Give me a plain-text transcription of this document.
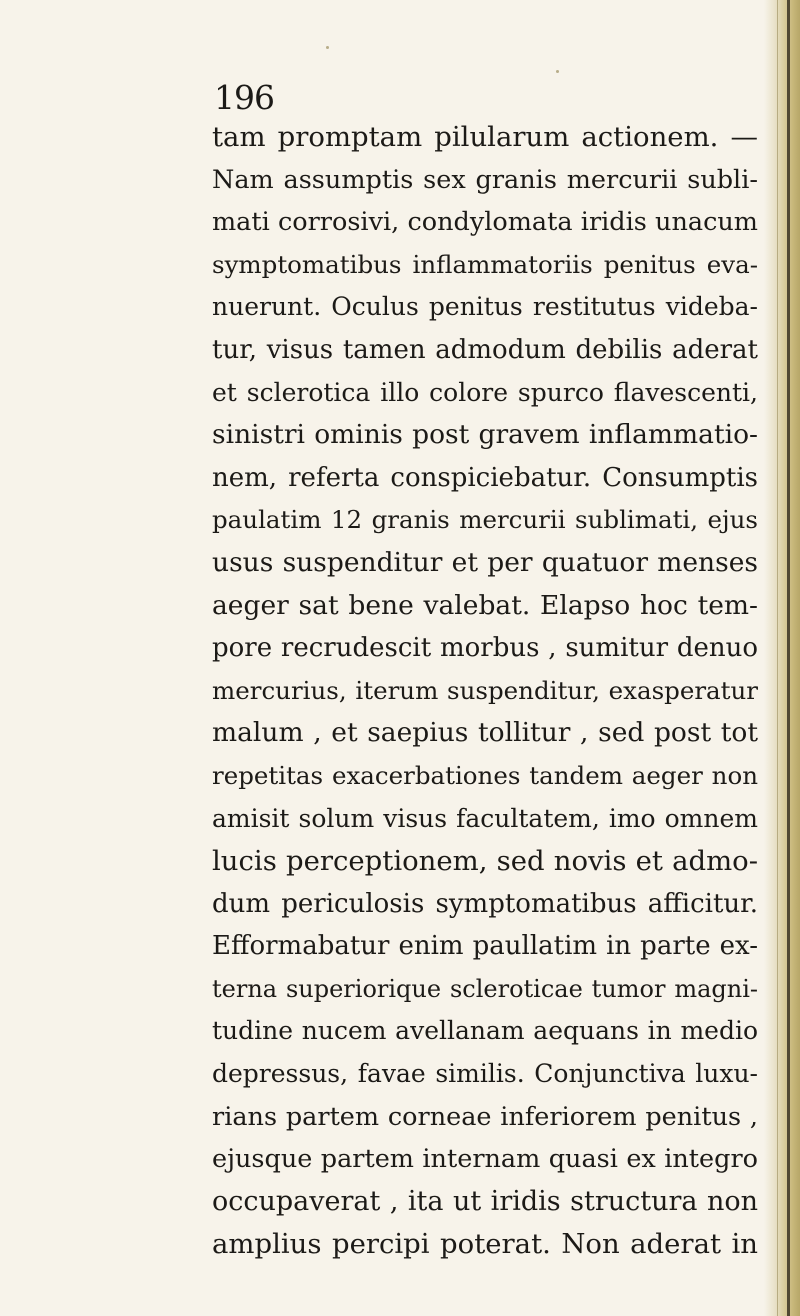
196
tam promptam pilularum actionem. —
Nam assumptis sex granis mercurii subli-
mati corrosivi, condylomata iridis unacum
symptomatibus inflammatoriis penitus eva-
nuerunt. Oculus penitus restitutus videba-
tur, visus tamen admodum debilis aderat
et sclerotica illo colore spurco flavescenti,
sinistri ominis post gravem inflammatio-
nem, referta conspiciebatur. Consumptis
paulatim 12 granis mercurii sublimati, ejus
usus suspenditur et per quatuor menses
aeger sat bene valebat. Elapso hoc tem-
pore recrudescit morbus , sumitur denuo
mercurius, iterum suspenditur, exasperatur
malum , et saepius tollitur , sed post tot
repetitas exacerbationes tandem aeger non
amisit solum visus facultatem, imo omnem
lucis perceptionem, sed novis et admo-
dum periculosis symptomatibus afficitur.
Efformabatur enim paullatim in parte ex-
terna superiorique scleroticae tumor magni-
tudine nucem avellanam aequans in medio
depressus, favae similis. Conjunctiva luxu-
rians partem corneae inferiorem penitus ,
ejusque partem internam quasi ex integro
occupaverat , ita ut iridis structura non
amplius percipi poterat. Non aderat in
